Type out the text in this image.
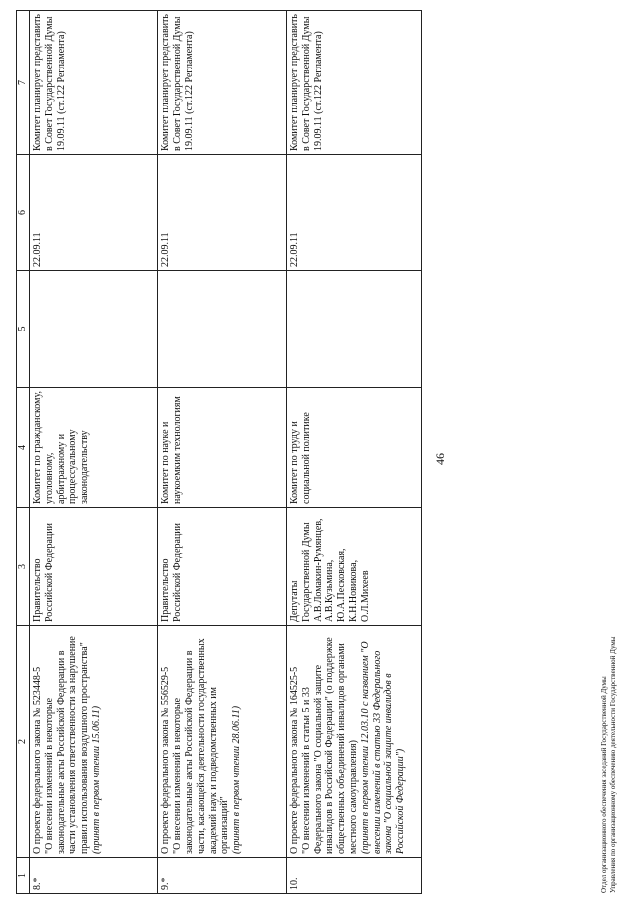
1	2	3	4	5	6	7
8.*	О проекте федерального закона № 523448-5 "О внесении изменений в некоторые законодательные акты Российской Федерации в части установления ответственности за нарушение правил использования воздушного пространства" (принят в первом чтении 15.06.11)	Правительство Российской Федерации	Комитет по гражданскому, уголовному, арбитражному и процессуальному законодательству		22.09.11	Комитет планирует представить в Совет Государственной Думы 19.09.11 (ст.122 Регламента)
9.*	О проекте федерального закона № 556529-5 "О внесении изменений в некоторые законодательные акты Российской Федерации в части, касающейся деятельности государственных академий наук и подведомственных им организаций" (принят в первом чтении 28.06.11)	Правительство Российской Федерации	Комитет по науке и наукоемким технологиям		22.09.11	Комитет планирует представить в Совет Государственной Думы 19.09.11 (ст.122 Регламента)
10.	О проекте федерального закона № 164525-5 "О внесении изменений в статьи 5 и 33 Федерального закона "О социальной защите инвалидов в Российской Федерации" (о поддержке общественных объединений инвалидов органами местного самоуправления) (принят в первом чтении 12.03.10 с названием "О внесении изменений в статью 33 Федерального закона "О социальной защите инвалидов в Российской Федерации")	Депутаты Государственной Думы А.В.Ломакин-Румянцев, А.В.Кузьмина, Ю.А.Песковская, К.Н.Новикова, О.Л.Михеев	Комитет по труду и социальной политике		22.09.11	Комитет планирует представить в Совет Государственной Думы 19.09.11 (ст.122 Регламента)
46
Отдел организационного обеспечения заседаний Государственной Думы Управления по организационному обеспечению деятельности Государственной Думы
